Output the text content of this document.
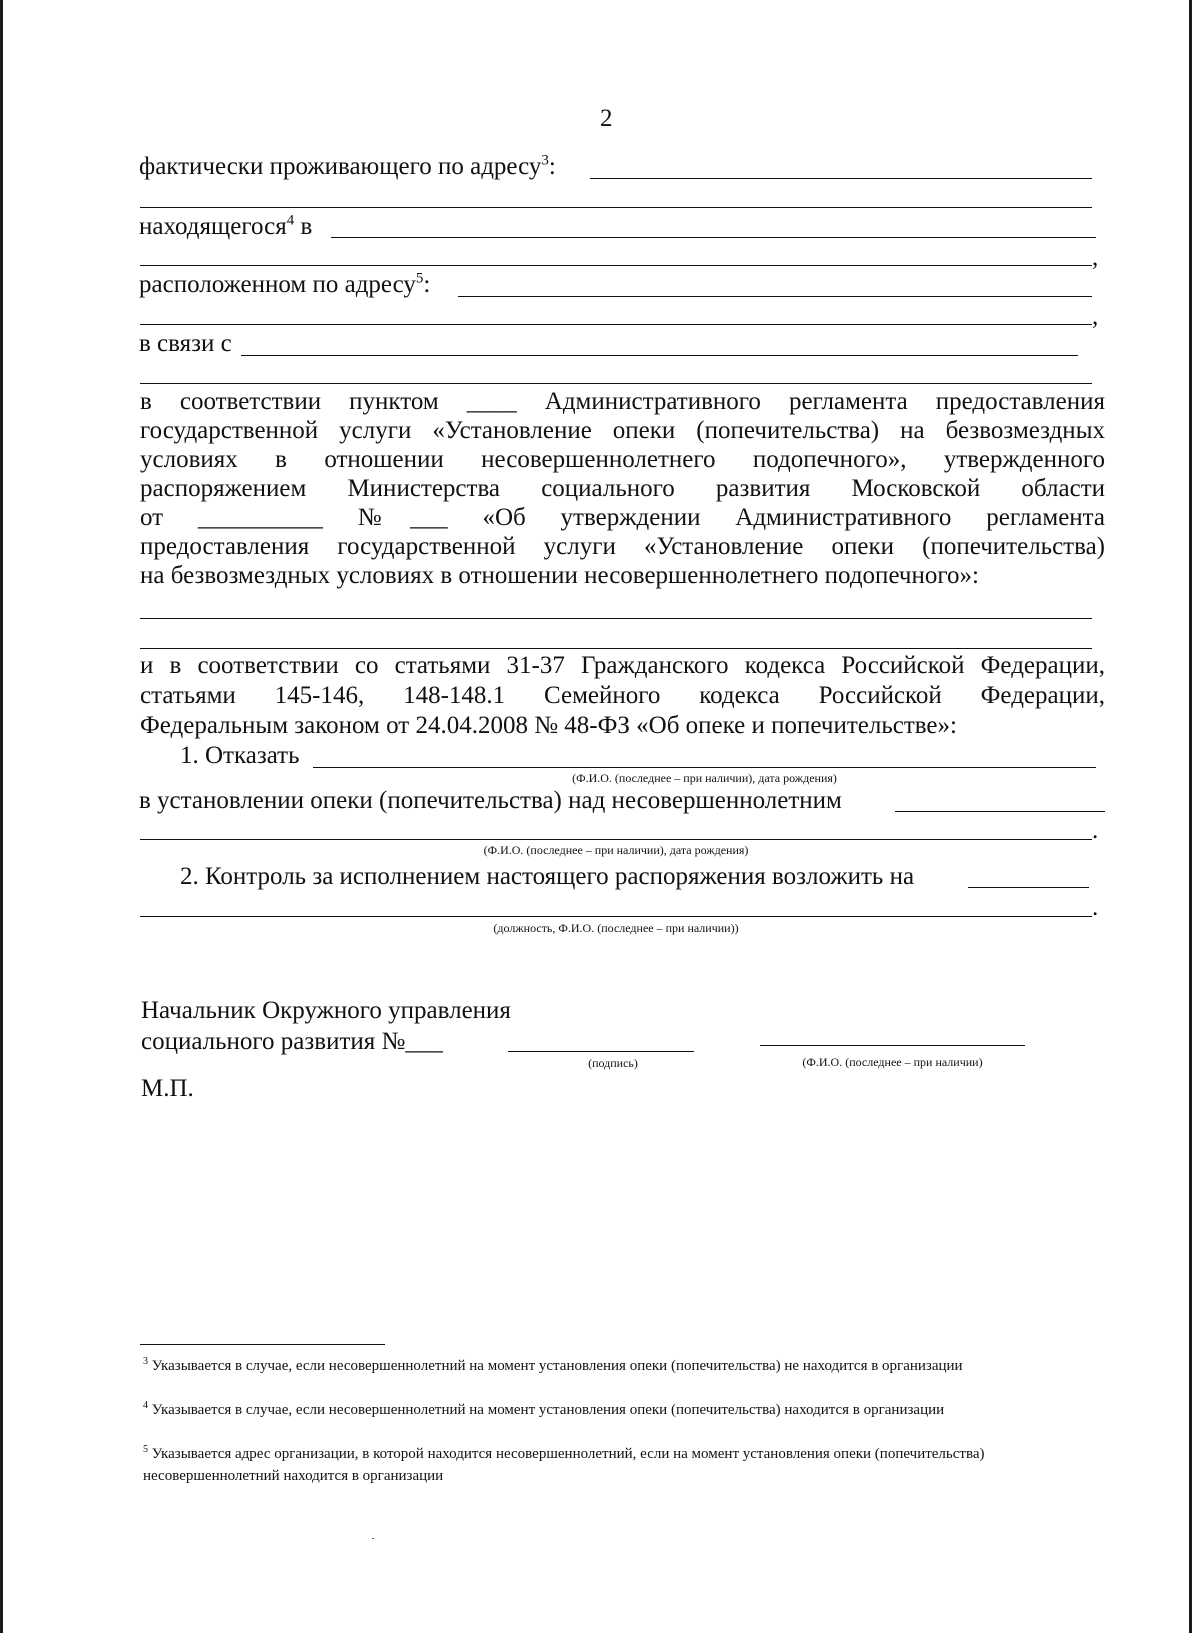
2
фактически проживающего по адресу$^3$:
находящегося$^4$ в
,
расположенном по адресу$^5$:
,
в связи с
в соответствии пунктом ____ Административного регламента предоставления
государственной услуги «Установление опеки (попечительства) на безвозмездных
условиях в отношении несовершеннолетнего подопечного», утвержденного
распоряжением Министерства социального развития Московской области
от __________ №___ «Об утверждении Административного регламента
предоставления государственной услуги «Установление опеки (попечительства)
на безвозмездных условиях в отношении несовершеннолетнего подопечного»:
и в соответствии со статьями 31-37 Гражданского кодекса Российской Федерации,
статьями 145-146, 148-148.1 Семейного кодекса Российской Федерации,
Федеральным законом от 24.04.2008 № 48-ФЗ «Об опеке и попечительстве»:
1. Отказать
(Ф.И.О. (последнее – при наличии), дата рождения)
в установлении опеки (попечительства) над несовершеннолетним
.
(Ф.И.О. (последнее – при наличии), дата рождения)
2. Контроль за исполнением настоящего распоряжения возложить на
.
(должность, Ф.И.О. (последнее – при наличии))
Начальник Окружного управления
социального развития №___
(подпись)	(Ф.И.О. (последнее – при наличии)
М.П.
$^3$ Указывается в случае, если несовершеннолетний на момент установления опеки (попечительства) не находится в организации
$^4$ Указывается в случае, если несовершеннолетний на момент установления опеки (попечительства) находится в организации
$^5$ Указывается адрес организации, в которой находится несовершеннолетний, если на момент установления опеки (попечительства) несовершеннолетний находится в организации
